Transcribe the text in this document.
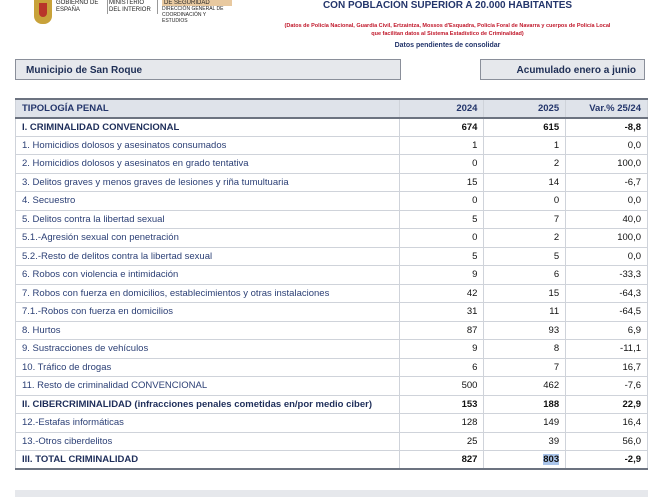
GOBIERNO DE ESPAÑA
MINISTERIO DEL INTERIOR
DE SEGURIDAD
DIRECCIÓN GENERAL DE COORDINACIÓN Y ESTUDIOS
CON POBLACIÓN SUPERIOR A 20.000 HABITANTES
(Datos de Policía Nacional, Guardia Civil, Ertzaintza, Mossos d'Esquadra, Policía Foral de Navarra y cuerpos de Policía Local
que facilitan datos al Sistema Estadístico de Criminalidad)
Datos pendientes de consolidar
Municipio de San Roque	Acumulado enero a junio
TIPOLOGÍA PENAL	2024	2025	Var.% 25/24
I. CRIMINALIDAD CONVENCIONAL	674	615	-8,8
1. Homicidios dolosos y asesinatos consumados	1	1	0,0
2. Homicidios dolosos y asesinatos en grado tentativa	0	2	100,0
3. Delitos graves y menos graves de lesiones y riña tumultuaria	15	14	-6,7
4. Secuestro	0	0	0,0
5. Delitos contra la libertad sexual	5	7	40,0
5.1.-Agresión sexual con penetración	0	2	100,0
5.2.-Resto de delitos contra la libertad sexual	5	5	0,0
6. Robos con violencia e intimidación	9	6	-33,3
7. Robos con fuerza en domicilios, establecimientos y otras instalaciones	42	15	-64,3
7.1.-Robos con fuerza en domicilios	31	11	-64,5
8. Hurtos	87	93	6,9
9. Sustracciones de vehículos	9	8	-11,1
10. Tráfico de drogas	6	7	16,7
11. Resto de criminalidad CONVENCIONAL	500	462	-7,6
II. CIBERCRIMINALIDAD (infracciones penales cometidas en/por medio ciber)	153	188	22,9
12.-Estafas informáticas	128	149	16,4
13.-Otros ciberdelitos	25	39	56,0
III. TOTAL CRIMINALIDAD	827	803	-2,9
